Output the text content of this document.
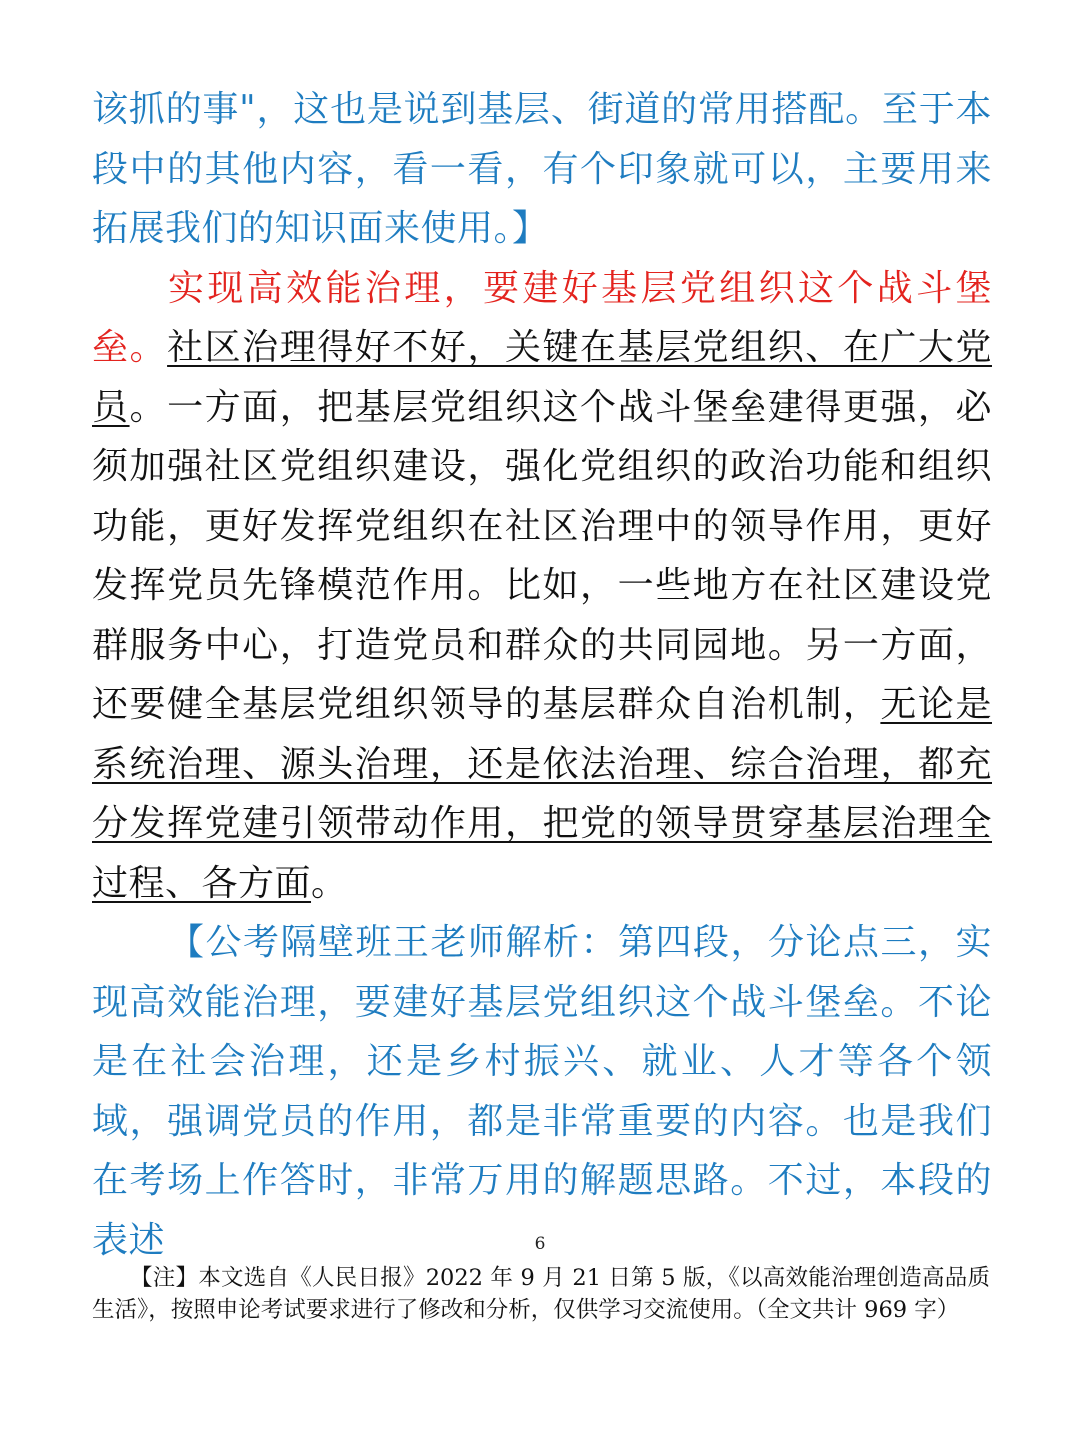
该抓的事"，这也是说到基层、街道的常用搭配。至于本段中的其他内容，看一看，有个印象就可以，主要用来拓展我们的知识面来使用。】

实现高效能治理，要建好基层党组织这个战斗堡垒。社区治理得好不好，关键在基层党组织、在广大党员。一方面，把基层党组织这个战斗堡垒建得更强，必须加强社区党组织建设，强化党组织的政治功能和组织功能，更好发挥党组织在社区治理中的领导作用，更好发挥党员先锋模范作用。比如，一些地方在社区建设党群服务中心，打造党员和群众的共同园地。另一方面，还要健全基层党组织领导的基层群众自治机制，无论是系统治理、源头治理，还是依法治理、综合治理，都充分发挥党建引领带动作用，把党的领导贯穿基层治理全过程、各方面。

【公考隔壁班王老师解析：第四段，分论点三，实现高效能治理，要建好基层党组织这个战斗堡垒。不论是在社会治理，还是乡村振兴、就业、人才等各个领域，强调党员的作用，都是非常重要的内容。也是我们在考场上作答时，非常万用的解题思路。不过，本段的表述	6
【注】本文选自《人民日报》2022 年 9 月 21 日第 5 版，《以高效能治理创造高品质生活》，按照申论考试要求进行了修改和分析，仅供学习交流使用。（全文共计 969 字）
